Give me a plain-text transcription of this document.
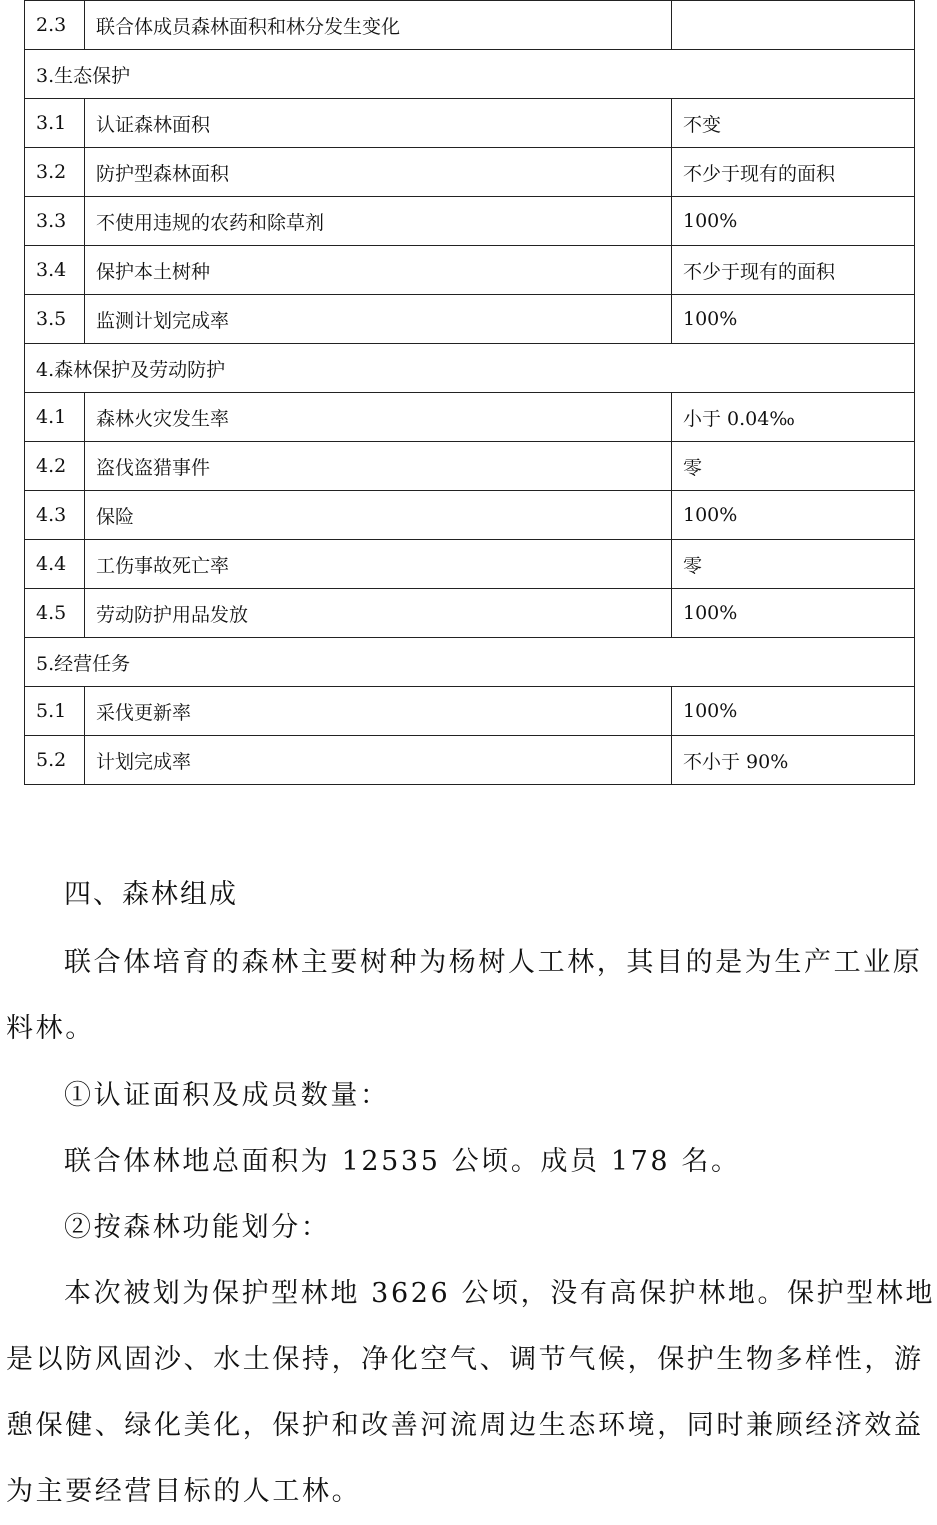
2.3	联合体成员森林面积和林分发生变化	
3.生态保护		
3.1	认证森林面积	不变
3.2	防护型森林面积	不少于现有的面积
3.3	不使用违规的农药和除草剂	100%
3.4	保护本土树种	不少于现有的面积
3.5	监测计划完成率	100%
4.森林保护及劳动防护		
4.1	森林火灾发生率	小于 0.04‰
4.2	盗伐盗猎事件	零
4.3	保险	100%
4.4	工伤事故死亡率	零
4.5	劳动防护用品发放	100%
5.经营任务		
5.1	采伐更新率	100%
5.2	计划完成率	不小于 90%
四、森林组成
联合体培育的森林主要树种为杨树人工林，其目的是为生产工业原料林。
①认证面积及成员数量：
联合体林地总面积为 12535 公顷。成员 178 名。
②按森林功能划分：
本次被划为保护型林地 3626 公顷，没有高保护林地。保护型林地是以防风固沙、水土保持，净化空气、调节气候，保护生物多样性，游憩保健、绿化美化，保护和改善河流周边生态环境，同时兼顾经济效益为主要经营目标的人工林。
